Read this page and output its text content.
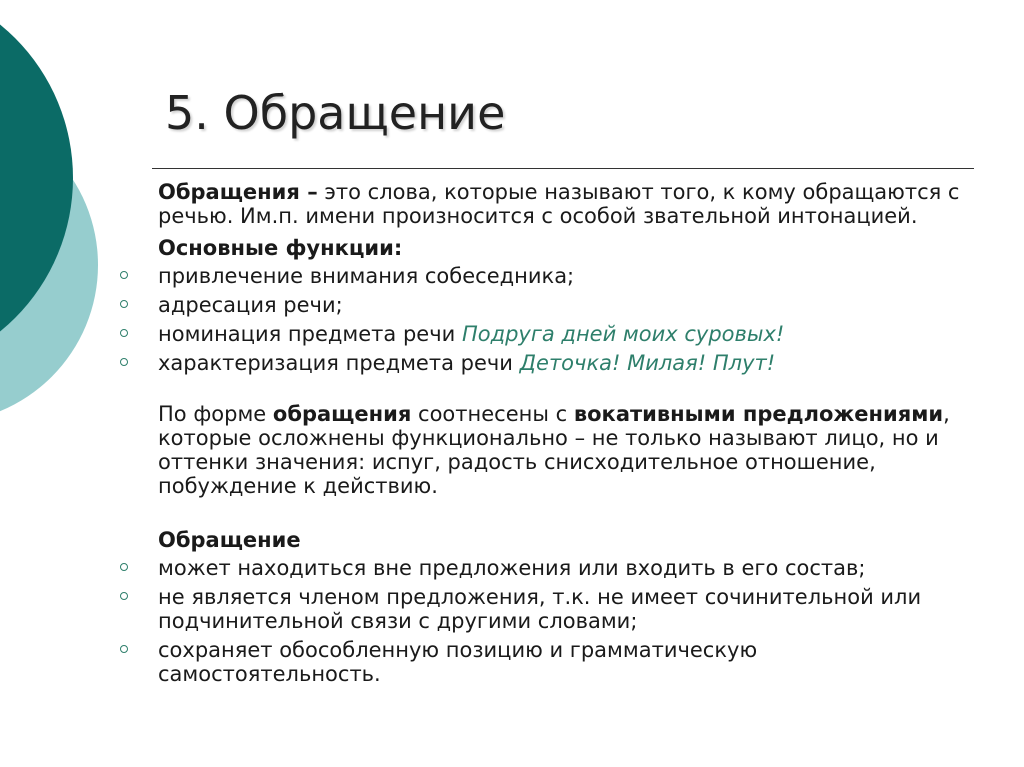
5. Обращение

Обращения – это слова, которые называют того, к кому обращаются с речью. Им.п. имени произносится с особой звательной интонацией.

Основные функции:

привлечение внимания собеседника;
адресация речи;
номинация предмета речи Подруга дней моих суровых!
характеризация предмета речи Деточка! Милая! Плут!

По форме обращения соотнесены с вокативными предложениями, которые осложнены функционально – не только называют лицо, но и оттенки значения: испуг, радость снисходительное отношение, побуждение к действию.

Обращение

может находиться вне предложения или входить в его состав;
не является членом предложения, т.к. не имеет сочинительной или подчинительной связи с другими словами;
сохраняет обособленную позицию и грамматическую самостоятельность.
